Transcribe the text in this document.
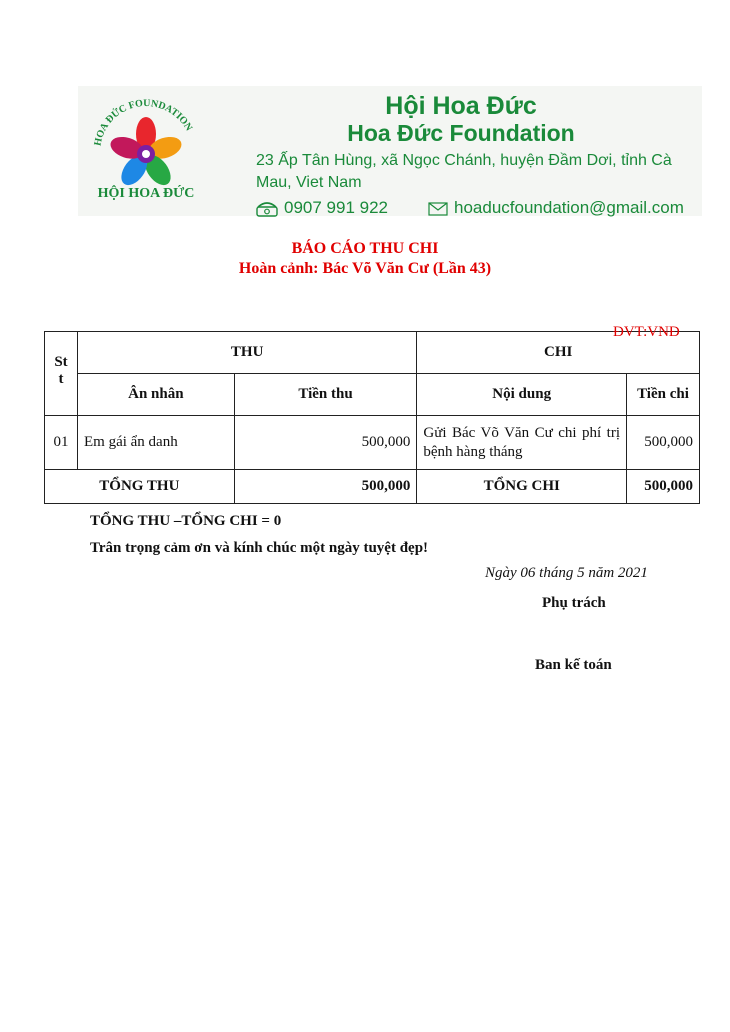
HOA ĐỨC FOUNDATION
HỘI HOA ĐỨC
Hội Hoa Đức
Hoa Đức Foundation
23 Ấp Tân Hùng, xã Ngọc Chánh, huyện Đầm Dơi, tỉnh Cà Mau, Viet Nam
0907 991 922	hoaducfoundation@gmail.com
BÁO CÁO THU CHI
Hoàn cảnh: Bác Võ Văn Cư (Lần 43)
St t	THU		CHI	
	Ân nhân	Tiền thu	Nội dung	Tiền chi
01	Em gái ẩn danh	500,000	Gửi Bác Võ Văn Cư chi phí trị bệnh hàng tháng	500,000
TỔNG THU		500,000	TỔNG CHI	500,000
ĐVT:VNĐ
TỔNG THU –TỔNG CHI = 0
Trân trọng cảm ơn và kính chúc một ngày tuyệt đẹp!
Ngày 06 tháng 5 năm 2021
Phụ trách
Ban kế toán
